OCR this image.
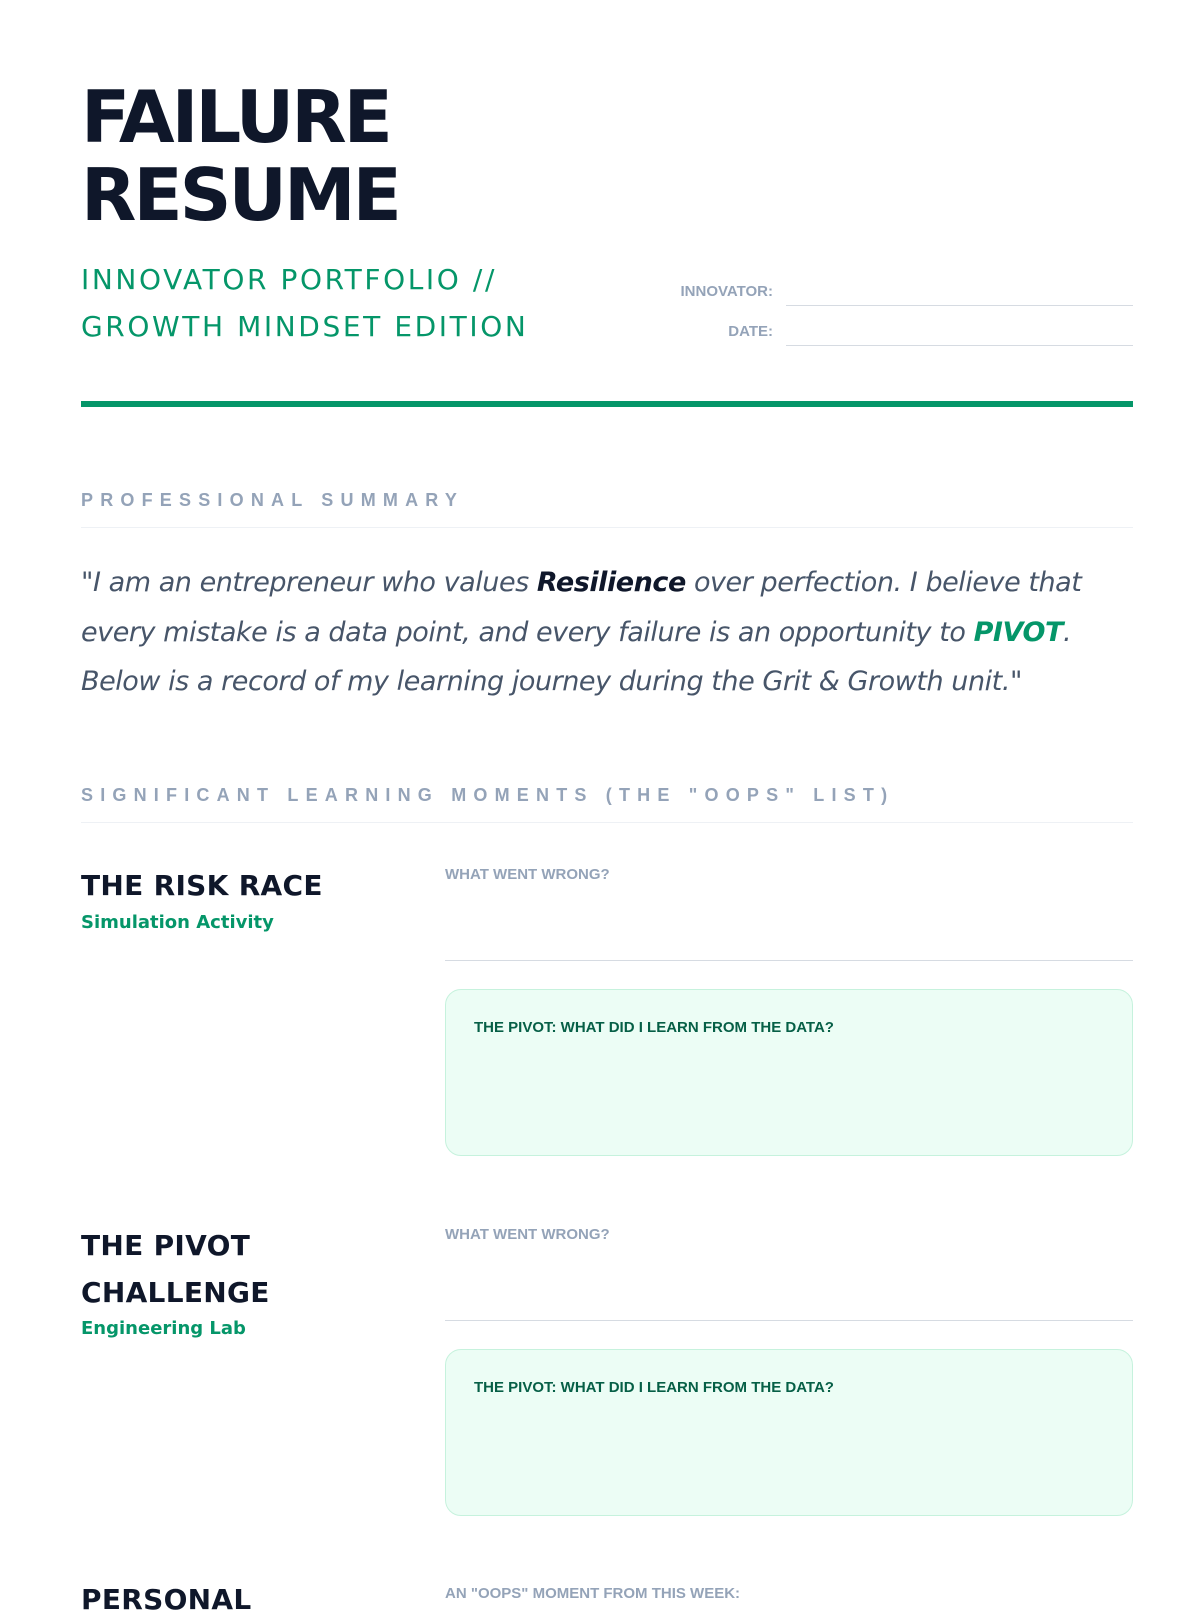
FAILURE
RESUME
INNOVATOR PORTFOLIO //
GROWTH MINDSET EDITION
INNOVATOR:
DATE:
PROFESSIONAL SUMMARY

"I am an entrepreneur who values Resilience over perfection. I believe that every mistake is a data point, and every failure is an opportunity to PIVOT. Below is a record of my learning journey during the Grit & Growth unit."

SIGNIFICANT LEARNING MOMENTS (THE "OOPS" LIST)
THE RISK RACE
Simulation Activity
WHAT WENT WRONG?
THE PIVOT: WHAT DID I LEARN FROM THE DATA?
THE PIVOT
CHALLENGE
Engineering Lab
WHAT WENT WRONG?
THE PIVOT: WHAT DID I LEARN FROM THE DATA?
PERSONAL	AN "OOPS" MOMENT FROM THIS WEEK:
